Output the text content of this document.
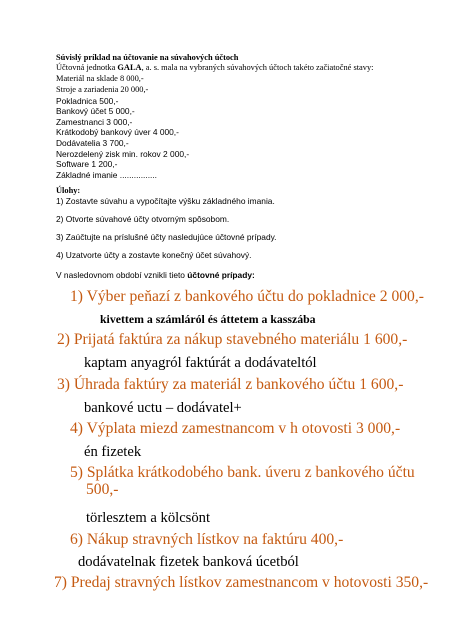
Súvislý príklad na účtovanie na súvahových účtoch
Účtovná jednotka GALA, a. s. mala na vybraných súvahových účtoch takéto začiatočné stavy:
Materiál na sklade 8 000,-
Stroje a zariadenia 20 000,-
Pokladnica 500,-
Bankový účet 5 000,-
Zamestnanci 3 000,-
Krátkodobý bankový úver 4 000,-
Dodávatelia 3 700,-
Nerozdelený zisk min. rokov 2 000,-
Software 1 200,-
Základné imanie ................
Úlohy:
1) Zostavte súvahu a vypočítajte výšku základného imania.
2) Otvorte súvahové účty otvorným spôsobom.
3) Zaúčtujte na príslušné účty nasledujúce účtovné prípady.
4) Uzatvorte účty a zostavte konečný účet súvahový.
V nasledovnom období vznikli tieto účtovné prípady:
1) Výber peňazí z bankového účtu do pokladnice 2 000,-
kivettem a számláról és áttetem a kasszába
2) Prijatá faktúra za nákup stavebného materiálu 1 600,-
kaptam anyagról faktúrát a dodávateltól
3) Úhrada faktúry za materiál z bankového účtu 1 600,-
bankové uctu – dodávatel+
4) Výplata miezd zamestnancom v h otovosti 3 000,-
én fizetek
5) Splátka krátkodobého bank. úveru z bankového účtu
500,-
törlesztem a kölcsönt
6) Nákup stravných lístkov na faktúru 400,-
dodávatelnak fizetek banková úcetból
7) Predaj stravných lístkov zamestnancom v hotovosti 350,-
